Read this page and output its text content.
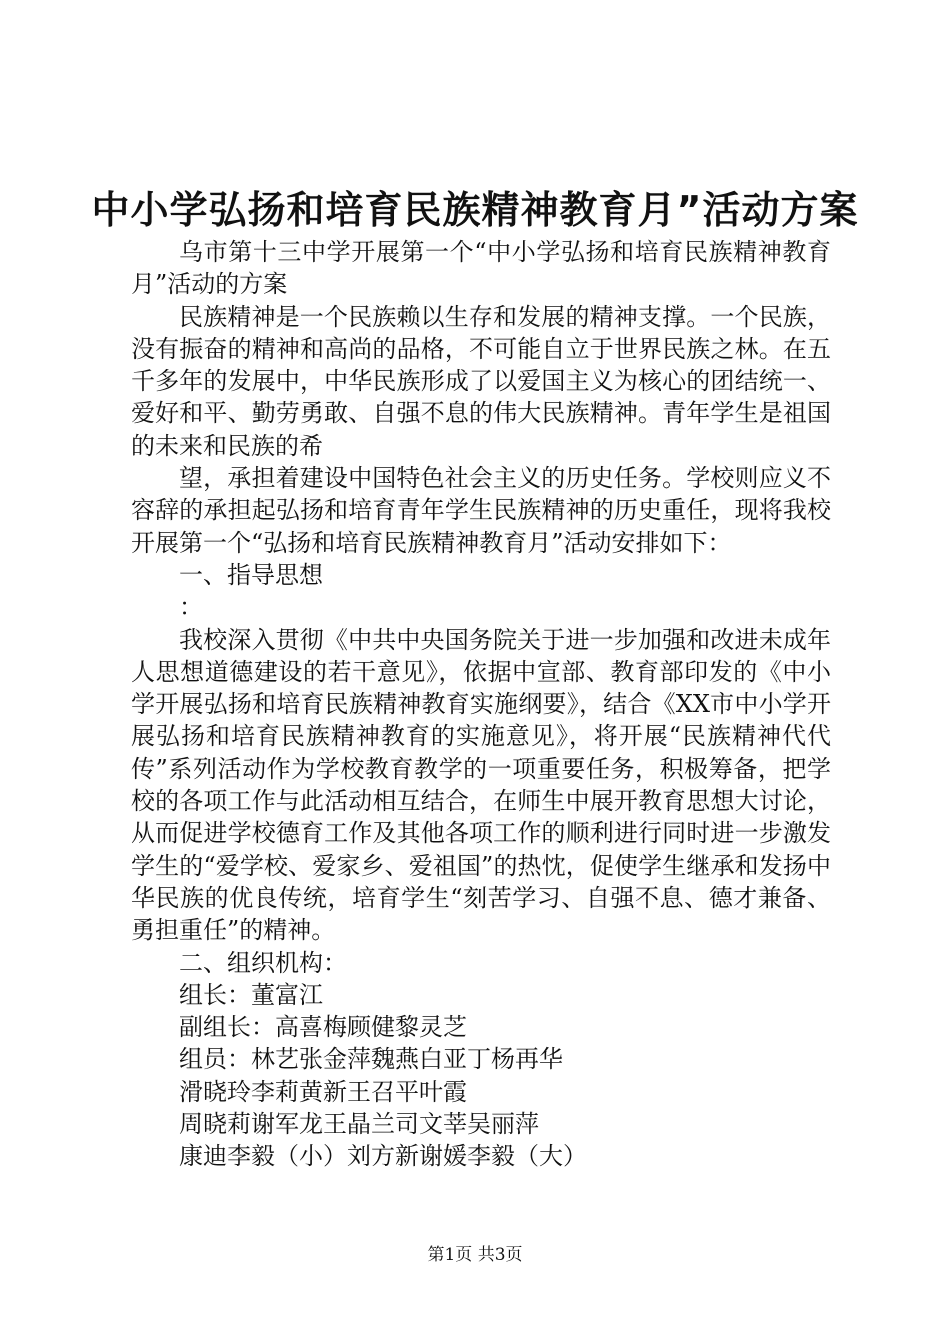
中小学弘扬和培育民族精神教育月”活动方案

乌市第十三中学开展第一个“中小学弘扬和培育民族精神教育月”活动的方案

民族精神是一个民族赖以生存和发展的精神支撑。一个民族，没有振奋的精神和高尚的品格，不可能自立于世界民族之林。在五千多年的发展中，中华民族形成了以爱国主义为核心的团结统一、爱好和平、勤劳勇敢、自强不息的伟大民族精神。青年学生是祖国的未来和民族的希

望，承担着建设中国特色社会主义的历史任务。学校则应义不容辞的承担起弘扬和培育青年学生民族精神的历史重任，现将我校开展第一个“弘扬和培育民族精神教育月”活动安排如下：

一、指导思想

：

我校深入贯彻《中共中央国务院关于进一步加强和改进未成年人思想道德建设的若干意见》，依据中宣部、教育部印发的《中小学开展弘扬和培育民族精神教育实施纲要》，结合《XX市中小学开展弘扬和培育民族精神教育的实施意见》，将开展“民族精神代代传”系列活动作为学校教育教学的一项重要任务，积极筹备，把学校的各项工作与此活动相互结合，在师生中展开教育思想大讨论，从而促进学校德育工作及其他各项工作的顺利进行同时进一步激发学生的“爱学校、爱家乡、爱祖国”的热忱，促使学生继承和发扬中华民族的优良传统，培育学生“刻苦学习、自强不息、德才兼备、勇担重任”的精神。

二、组织机构：

组长：董富江

副组长：高喜梅顾健黎灵芝

组员：林艺张金萍魏燕白亚丁杨再华

滑晓玲李莉黄新王召平叶霞

周晓莉谢军龙王晶兰司文莘吴丽萍

康迪李毅（小）刘方新谢媛李毅（大）

第1页 共3页
